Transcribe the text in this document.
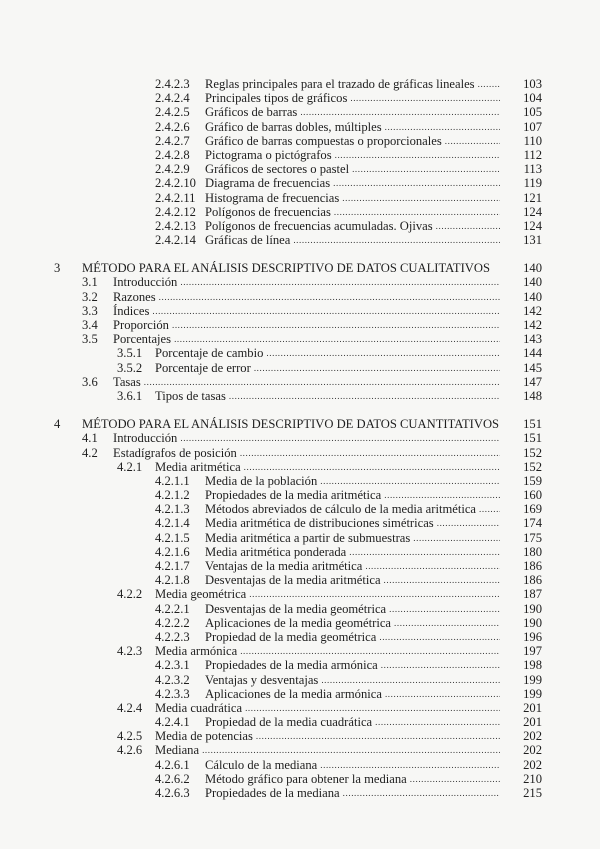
2.4.2.3 Reglas principales para el trazado de gráficas lineales .....	103
2.4.2.4 Principales tipos de gráficos .....	104
2.4.2.5 Gráficos de barras .....	105
2.4.2.6 Gráfico de barras dobles, múltiples .....	107
2.4.2.7 Gráfico de barras compuestas o proporcionales .....	110
2.4.2.8 Pictograma o pictógrafos .....	112
2.4.2.9 Gráficos de sectores o pastel .....	113
2.4.2.10 Diagrama de frecuencias .....	119
2.4.2.11 Histograma de frecuencias .....	121
2.4.2.12 Polígonos de frecuencias .....	124
2.4.2.13 Polígonos de frecuencias acumuladas. Ojivas .....	124
2.4.2.14 Gráficas de línea .....	131
3 MÉTODO PARA EL ANÁLISIS DESCRIPTIVO DE DATOS CUALITATIVOS	140
3.1 Introducción .....	140
3.2 Razones .....	140
3.3 Índices .....	142
3.4 Proporción .....	142
3.5 Porcentajes .....	143
3.5.1 Porcentaje de cambio .....	144
3.5.2 Porcentaje de error .....	145
3.6 Tasas .....	147
3.6.1 Tipos de tasas .....	148
4 MÉTODO PARA EL ANÁLISIS DESCRIPTIVO DE DATOS CUANTITATIVOS 151
4.1 Introducción .....	151
4.2 Estadígrafos de posición .....	152
4.2.1 Media aritmética .....	152
4.2.1.1 Media de la población .....	159
4.2.1.2 Propiedades de la media aritmética .....	160
4.2.1.3 Métodos abreviados de cálculo de la media aritmética .....	169
4.2.1.4 Media aritmética de distribuciones simétricas .....	174
4.2.1.5 Media aritmética a partir de submuestras .....	175
4.2.1.6 Media aritmética ponderada .....	180
4.2.1.7 Ventajas de la media aritmética .....	186
4.2.1.8 Desventajas de la media aritmética .....	186
4.2.2 Media geométrica .....	187
4.2.2.1 Desventajas de la media geométrica .....	190
4.2.2.2 Aplicaciones de la media geométrica .....	190
4.2.2.3 Propiedad de la media geométrica .....	196
4.2.3 Media armónica .....	197
4.2.3.1 Propiedades de la media armónica .....	198
4.2.3.2 Ventajas y desventajas .....	199
4.2.3.3 Aplicaciones de la media armónica .....	199
4.2.4 Media cuadrática .....	201
4.2.4.1 Propiedad de la media cuadrática .....	201
4.2.5 Media de potencias .....	202
4.2.6 Mediana .....	202
4.2.6.1 Cálculo de la mediana .....	202
4.2.6.2 Método gráfico para obtener la mediana .....	210
4.2.6.3 Propiedades de la mediana .....	215
